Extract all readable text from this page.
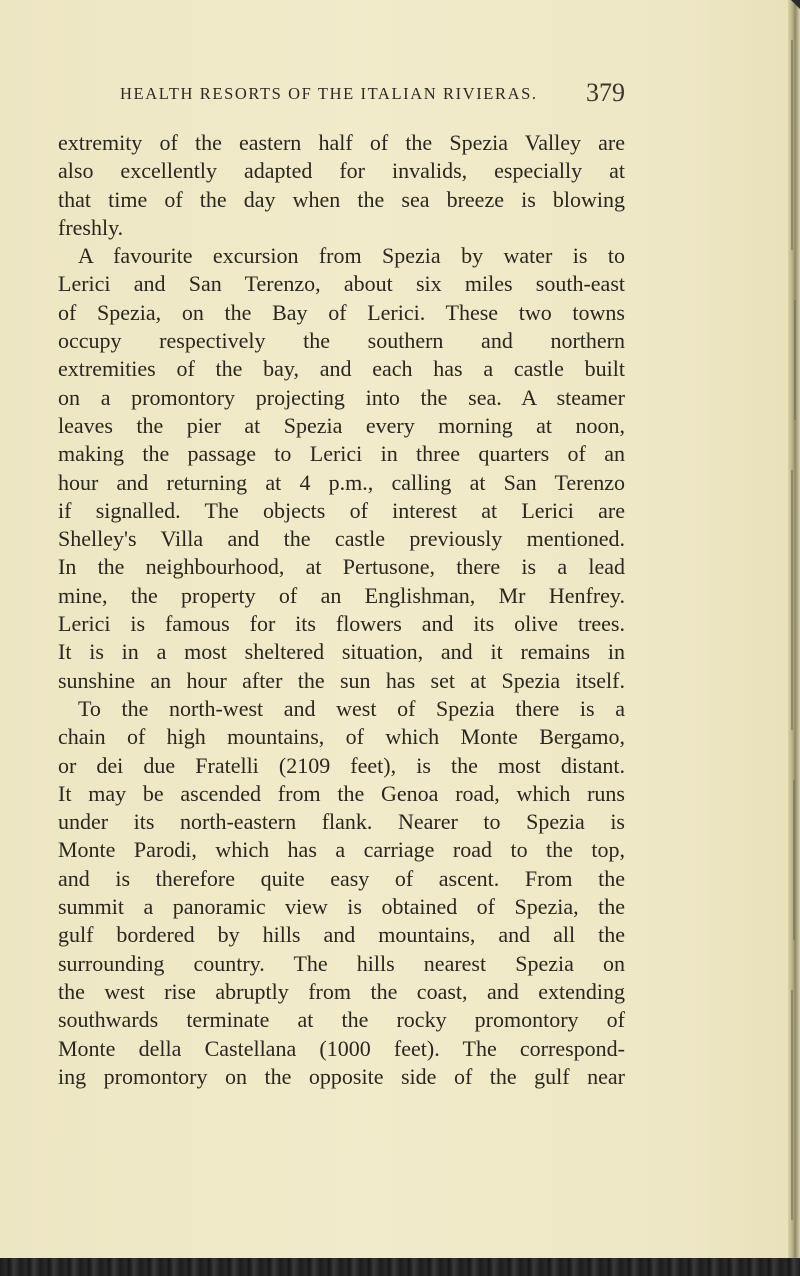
HEALTH RESORTS OF THE ITALIAN RIVIERAS. 379
extremity of the eastern half of the Spezia Valley are
also excellently adapted for invalids, especially at
that time of the day when the sea breeze is blowing
freshly.
A favourite excursion from Spezia by water is to
Lerici and San Terenzo, about six miles south-east
of Spezia, on the Bay of Lerici. These two towns
occupy respectively the southern and northern
extremities of the bay, and each has a castle built
on a promontory projecting into the sea. A steamer
leaves the pier at Spezia every morning at noon,
making the passage to Lerici in three quarters of an
hour and returning at 4 p.m., calling at San Terenzo
if signalled. The objects of interest at Lerici are
Shelley's Villa and the castle previously mentioned.
In the neighbourhood, at Pertusone, there is a lead
mine, the property of an Englishman, Mr Henfrey.
Lerici is famous for its flowers and its olive trees.
It is in a most sheltered situation, and it remains in
sunshine an hour after the sun has set at Spezia itself.
To the north-west and west of Spezia there is a
chain of high mountains, of which Monte Bergamo,
or dei due Fratelli (2109 feet), is the most distant.
It may be ascended from the Genoa road, which runs
under its north-eastern flank. Nearer to Spezia is
Monte Parodi, which has a carriage road to the top,
and is therefore quite easy of ascent. From the
summit a panoramic view is obtained of Spezia, the
gulf bordered by hills and mountains, and all the
surrounding country. The hills nearest Spezia on
the west rise abruptly from the coast, and extending
southwards terminate at the rocky promontory of
Monte della Castellana (1000 feet). The correspond-
ing promontory on the opposite side of the gulf near
